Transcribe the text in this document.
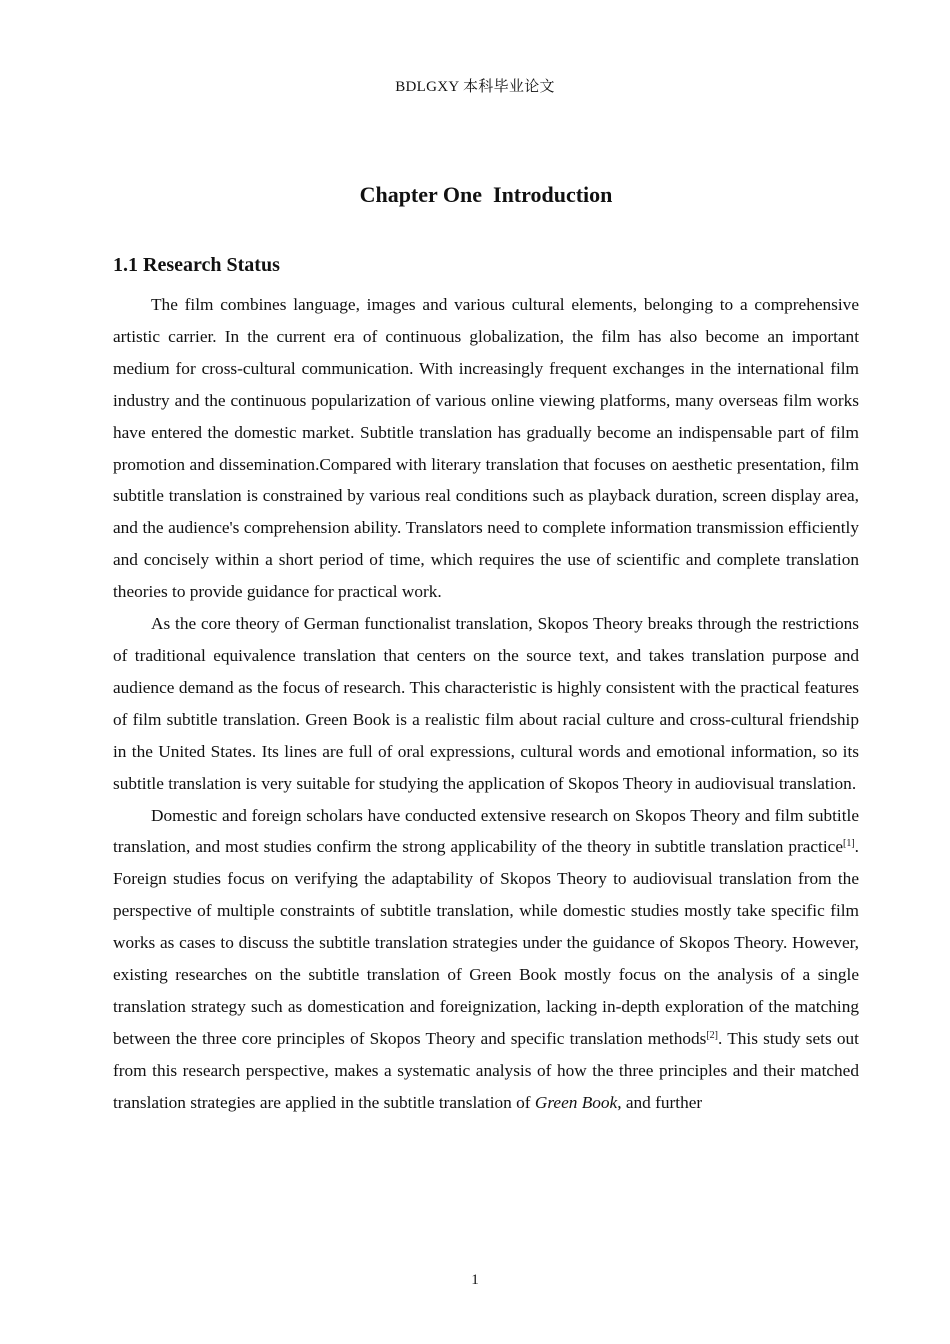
BDLGXY 本科毕业论文
Chapter One  Introduction
1.1 Research Status

The film combines language, images and various cultural elements, belonging to a comprehensive artistic carrier. In the current era of continuous globalization, the film has also become an important medium for cross-cultural communication. With increasingly frequent exchanges in the international film industry and the continuous popularization of various online viewing platforms, many overseas film works have entered the domestic market. Subtitle translation has gradually become an indispensable part of film promotion and dissemination.Compared with literary translation that focuses on aesthetic presentation, film subtitle translation is constrained by various real conditions such as playback duration, screen display area, and the audience's comprehension ability. Translators need to complete information transmission efficiently and concisely within a short period of time, which requires the use of scientific and complete translation theories to provide guidance for practical work.

As the core theory of German functionalist translation, Skopos Theory breaks through the restrictions of traditional equivalence translation that centers on the source text, and takes translation purpose and audience demand as the focus of research. This characteristic is highly consistent with the practical features of film subtitle translation. Green Book is a realistic film about racial culture and cross-cultural friendship in the United States. Its lines are full of oral expressions, cultural words and emotional information, so its subtitle translation is very suitable for studying the application of Skopos Theory in audiovisual translation.

Domestic and foreign scholars have conducted extensive research on Skopos Theory and film subtitle translation, and most studies confirm the strong applicability of the theory in subtitle translation practice[1]. Foreign studies focus on verifying the adaptability of Skopos Theory to audiovisual translation from the perspective of multiple constraints of subtitle translation, while domestic studies mostly take specific film works as cases to discuss the subtitle translation strategies under the guidance of Skopos Theory. However, existing researches on the subtitle translation of Green Book mostly focus on the analysis of a single translation strategy such as domestication and foreignization, lacking in-depth exploration of the matching between the three core principles of Skopos Theory and specific translation methods[2]. This study sets out from this research perspective, makes a systematic analysis of how the three principles and their matched translation strategies are applied in the subtitle translation of Green Book, and further

1
